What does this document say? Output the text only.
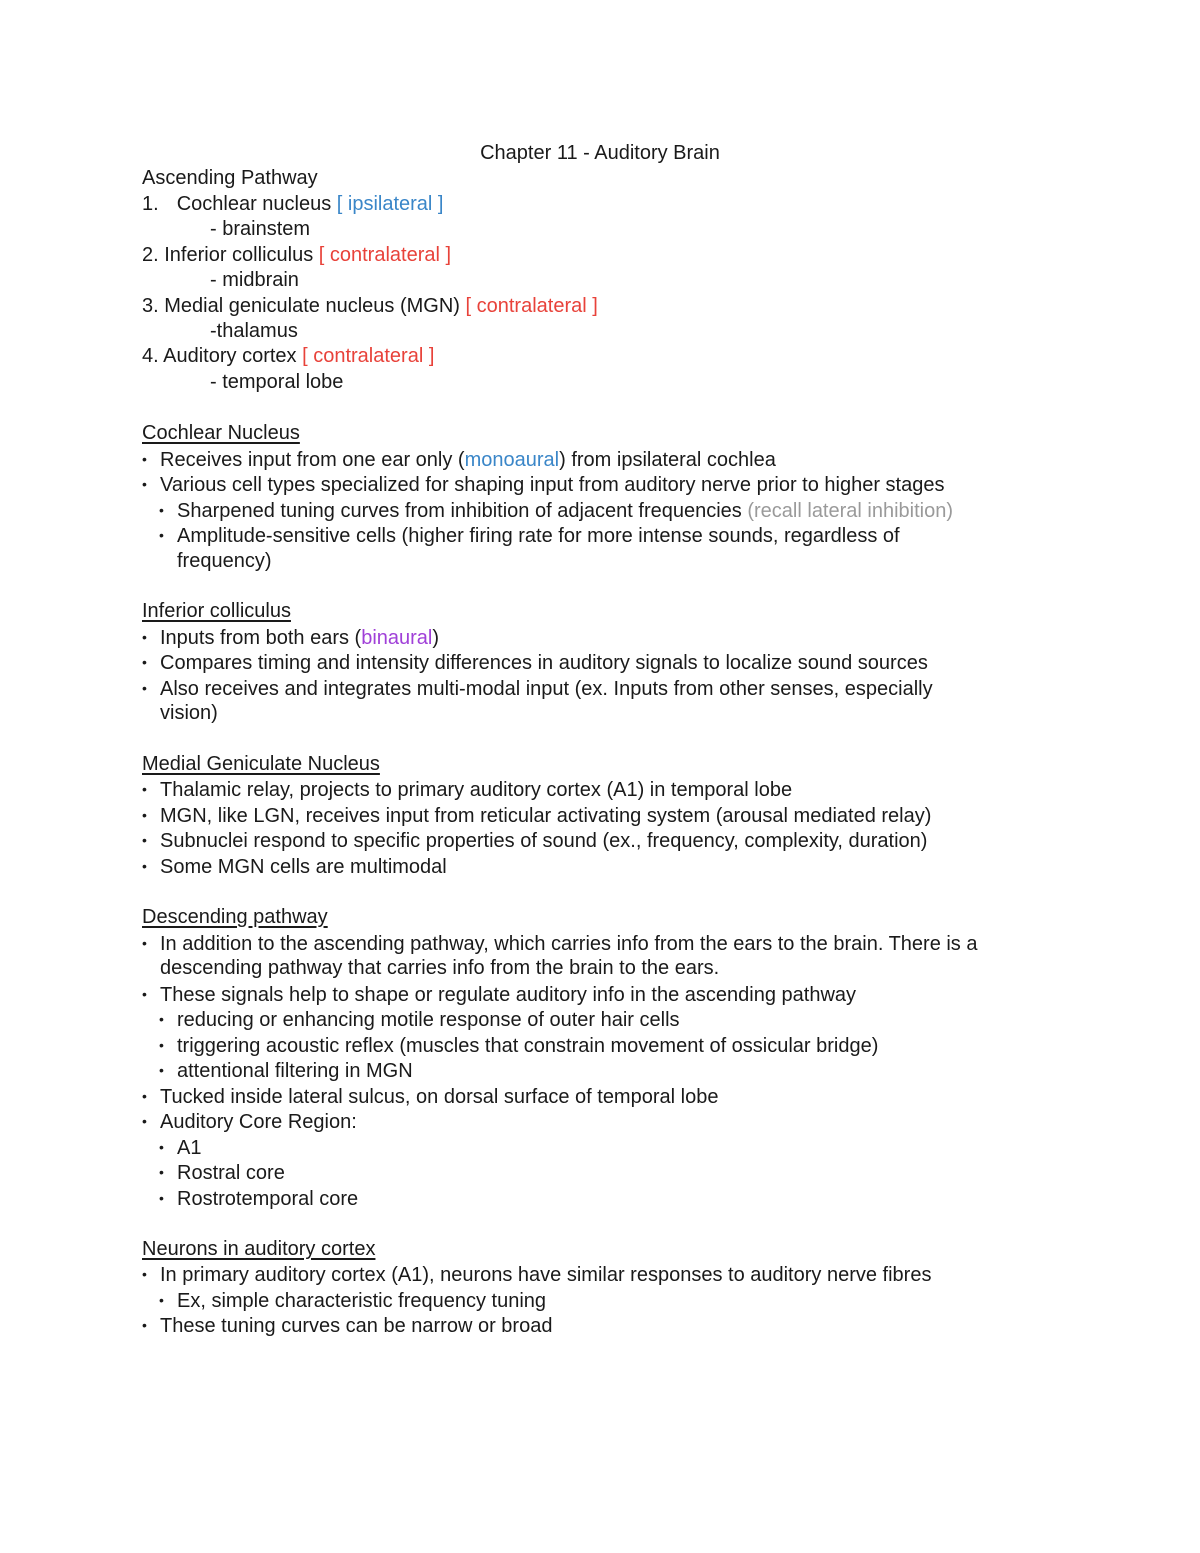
Chapter 11 - Auditory Brain
Ascending Pathway
1. Cochlear nucleus [ ipsilateral ]
- brainstem
2. Inferior colliculus [ contralateral ]
- midbrain
3. Medial geniculate nucleus (MGN) [ contralateral ]
-thalamus
4. Auditory cortex [ contralateral ]
- temporal lobe
Cochlear Nucleus
• Receives input from one ear only (monoaural) from ipsilateral cochlea
• Various cell types specialized for shaping input from auditory nerve prior to higher stages
• Sharpened tuning curves from inhibition of adjacent frequencies (recall lateral inhibition)
• Amplitude-sensitive cells (higher firing rate for more intense sounds, regardless of
frequency)
Inferior colliculus
• Inputs from both ears (binaural)
• Compares timing and intensity differences in auditory signals to localize sound sources
• Also receives and integrates multi-modal input (ex. Inputs from other senses, especially
vision)
Medial Geniculate Nucleus
• Thalamic relay, projects to primary auditory cortex (A1) in temporal lobe
• MGN, like LGN, receives input from reticular activating system (arousal mediated relay)
• Subnuclei respond to specific properties of sound (ex., frequency, complexity, duration)
• Some MGN cells are multimodal
Descending pathway
• In addition to the ascending pathway, which carries info from the ears to the brain. There is a
descending pathway that carries info from the brain to the ears.
• These signals help to shape or regulate auditory info in the ascending pathway
• reducing or enhancing motile response of outer hair cells
• triggering acoustic reflex (muscles that constrain movement of ossicular bridge)
• attentional filtering in MGN
• Tucked inside lateral sulcus, on dorsal surface of temporal lobe
• Auditory Core Region:
• A1
• Rostral core
• Rostrotemporal core
Neurons in auditory cortex
• In primary auditory cortex (A1), neurons have similar responses to auditory nerve fibres
• Ex, simple characteristic frequency tuning
• These tuning curves can be narrow or broad
